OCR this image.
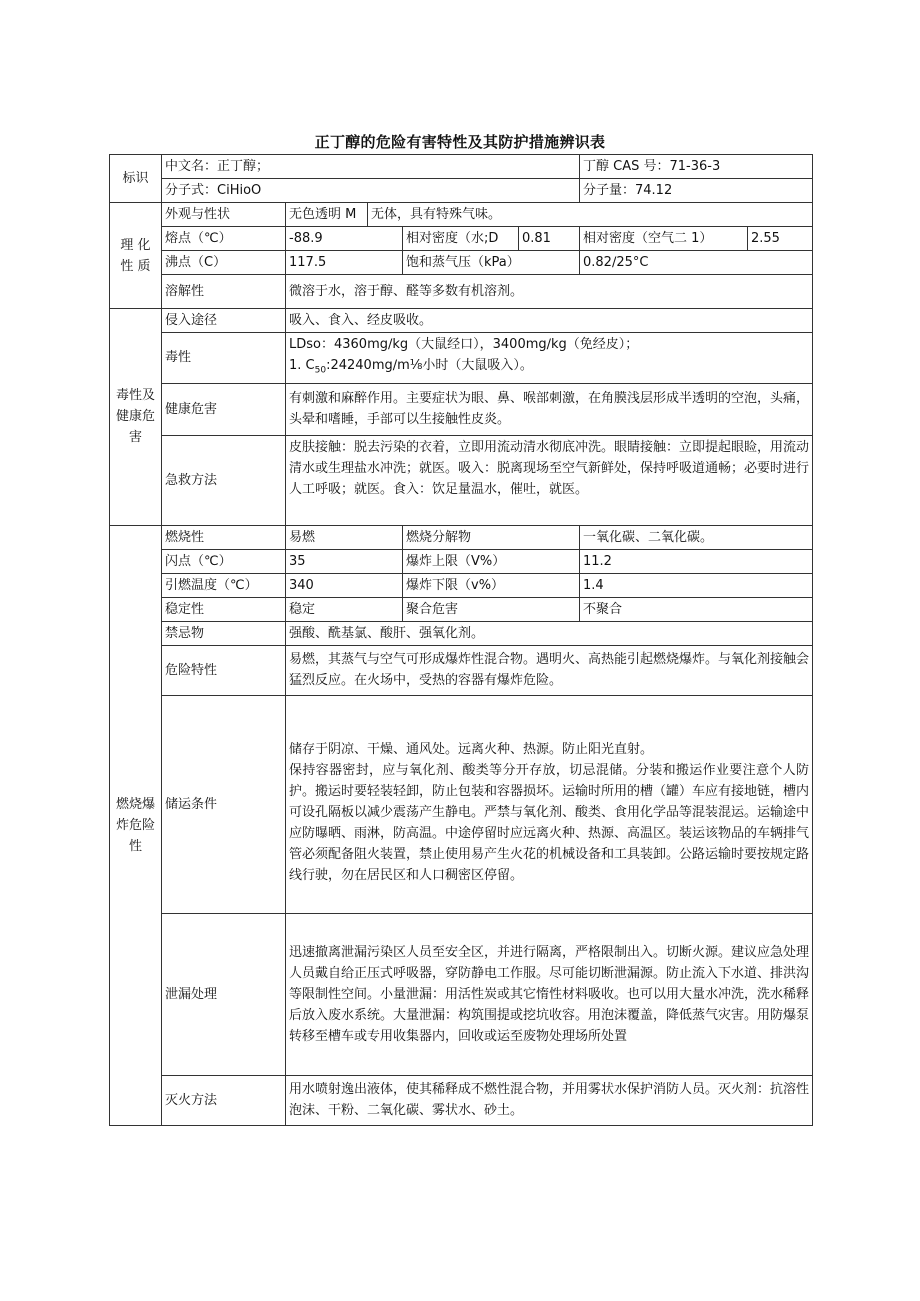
正丁醇的危险有害特性及其防护措施辨识表
标识	中文名：正丁醇；					丁醇 CAS 号：71-36-3	
	分子式：CiHioO					分子量：74.12	
理 化 性 质	外观与性状	无色透明 M	无体，具有特殊气味。				
	熔点（℃）	-88.9		相对密度（水;D	0.81	相对密度（空气二 1）	2.55
	沸点（C）	117.5		饱和蒸气压（kPa）		0.82∕25°C	
	溶解性	微溶于水，溶于醇、醛等多数有机溶剂。					
毒性及健康危害	侵入途径	吸入、食入、经皮吸收。					
	毒性	LDso：4360mg∕kg（大鼠经口），3400mg∕kg（免经皮）；
1. $C_{50}:24240mg∕m\frac{1}{8}$小时（大鼠吸入）。					

	健康危害	有刺激和麻醉作用。主要症状为眼、鼻、喉部刺激，在角膜浅层形成半透明的空泡，头痛，头晕和嗜睡，手部可以生接触性皮炎。					
	急救方法	皮肤接触：脱去污染的衣着，立即用流动清水彻底冲洗。眼睛接触：立即提起眼睑，用流动清水或生理盐水冲洗；就医。吸入：脱离现场至空气新鲜处，保持呼吸道通畅；必要时进行人工呼吸；就医。食入：饮足量温水，催吐，就医。					
燃烧爆炸危险性	燃烧性	易燃		燃烧分解物		一氧化碳、二氧化碳。	
	闪点（℃）	35		爆炸上限（V%）		11.2	
	引燃温度（℃）	340		爆炸下限（v%）		1.4	
	稳定性	稳定		聚合危害		不聚合	
	禁忌物	强酸、酰基氯、酸肝、强氧化剂。					
	危险特性	易燃，其蒸气与空气可形成爆炸性混合物。遇明火、高热能引起燃烧爆炸。与氧化剂接触会猛烈反应。在火场中，受热的容器有爆炸危险。					
	储运条件	储存于阴凉、干燥、通风处。远离火种、热源。防止阳光直射。
保持容器密封，应与氧化剂、酸类等分开存放，切忌混储。分装和搬运作业要注意个人防护。搬运时要轻装轻卸，防止包装和容器损坏。运输时所用的槽（罐）车应有接地链，槽内可设孔隔板以减少震荡产生静电。严禁与氧化剂、酸类、食用化学品等混装混运。运输途中应防曝晒、雨淋，防高温。中途停留时应远离火种、热源、高温区。装运该物品的车辆排气管必须配备阻火装置，禁止使用易产生火花的机械设备和工具装卸。公路运输时要按规定路线行驶，勿在居民区和人口稠密区停留。					

	泄漏处理	迅速撤离泄漏污染区人员至安全区，并进行隔离，严格限制出入。切断火源。建议应急处理人员戴自给正压式呼吸器，穿防静电工作服。尽可能切断泄漏源。防止流入下水道、排洪沟等限制性空间。小量泄漏：用活性炭或其它惰性材料吸收。也可以用大量水冲洗，洗水稀释后放入废水系统。大量泄漏：构筑围提或挖坑收容。用泡沫覆盖，降低蒸气灾害。用防爆泵转移至槽车或专用收集器内，回收或运至废物处理场所处置					
	灭火方法	用水喷射逸出液体，使其稀释成不燃性混合物，并用雾状水保护消防人员。灭火剂：抗溶性泡沫、干粉、二氧化碳、雾状水、砂土。					
